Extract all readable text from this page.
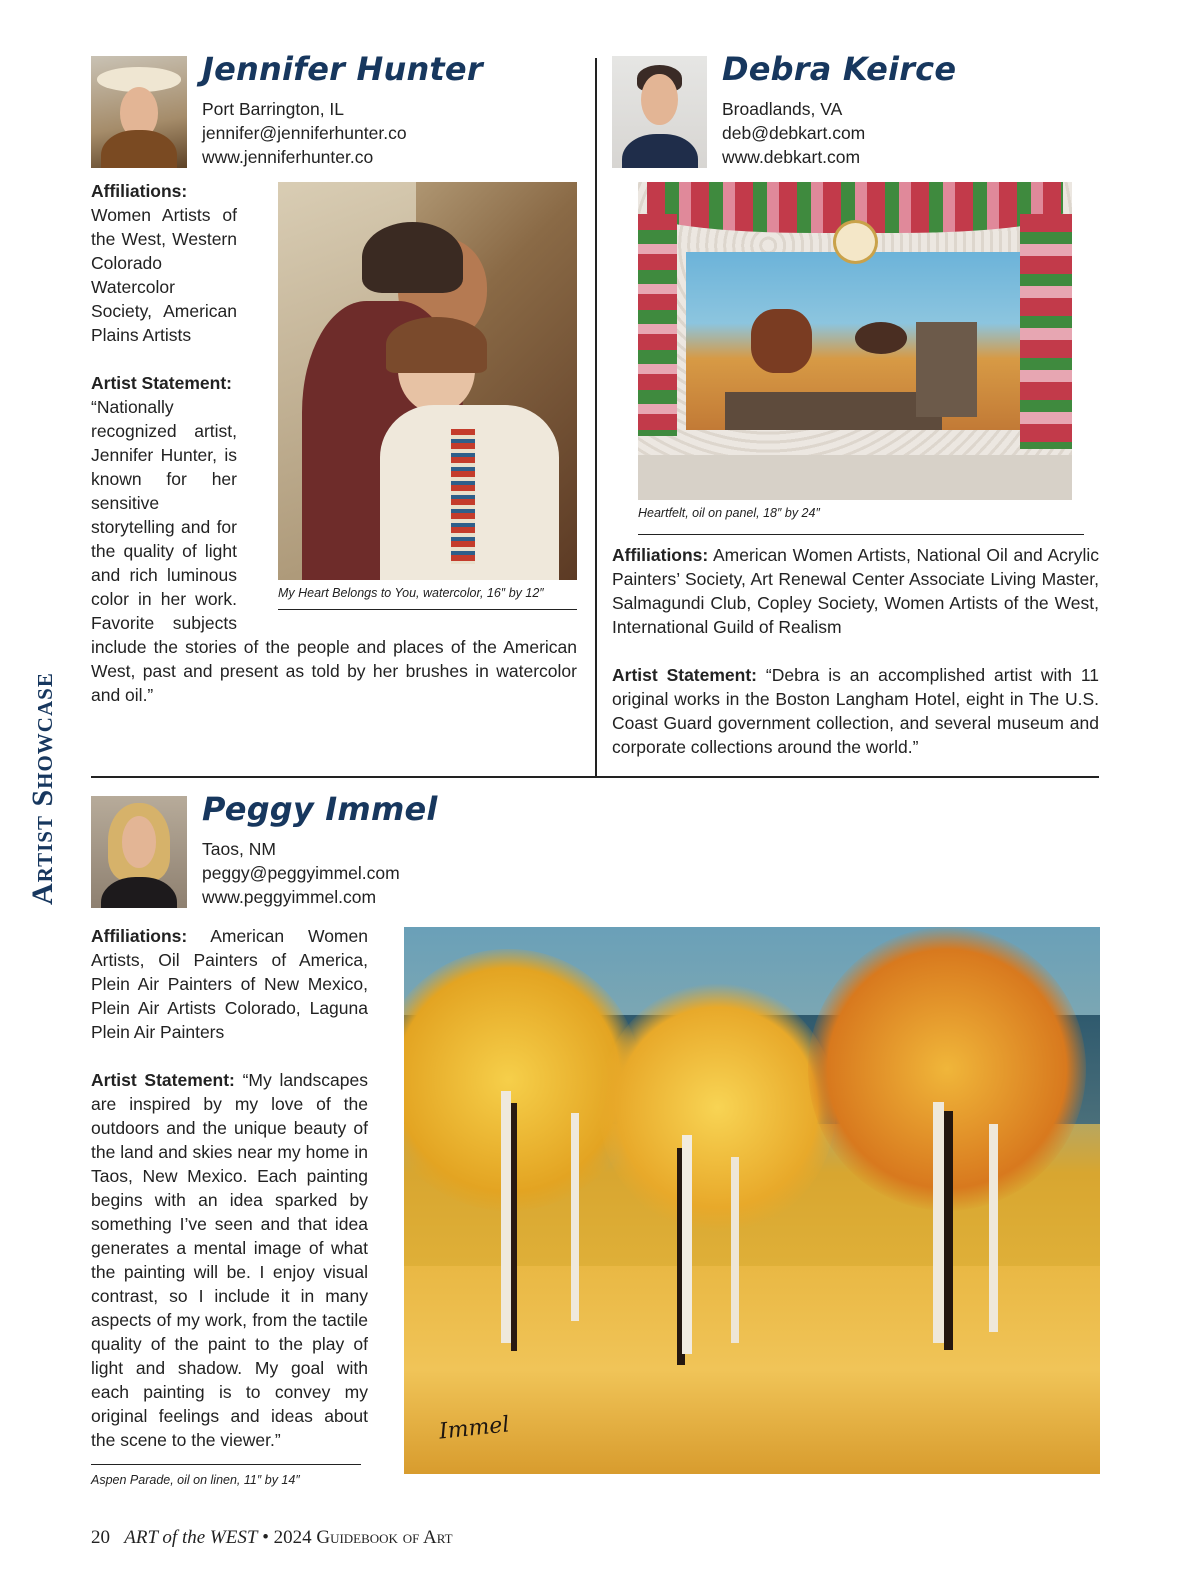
Artist Showcase
Jennifer Hunter
Port Barrington, IL
jennifer@jenniferhunter.co
www.jenniferhunter.co

Affiliations:
Women Artists of the West, Western Colorado Watercolor Society, American Plains Artists

Artist Statement:
“Nationally recognized artist, Jennifer Hunter, is known for her sensitive storytelling and for the quality of light and rich luminous color in her work. Favorite subjects include the stories of the people and places of the American West, past and present as told by her brushes in watercolor and oil.”

My Heart Belongs to You, watercolor, 16″ by 12″
Debra Keirce
Broadlands, VA
deb@debkart.com
www.debkart.com
Heartfelt, oil on panel, 18″ by 24″

Affiliations: American Women Artists, National Oil and Acrylic Painters’ Society, Art Renewal Center Associate Living Master, Salmagundi Club, Copley Society, Women Artists of the West, International Guild of Realism

Artist Statement: “Debra is an accomplished artist with 11 original works in the Boston Langham Hotel, eight in The U.S. Coast Guard government collection, and several museum and corporate collections around the world.”

Peggy Immel
Taos, NM
peggy@peggyimmel.com
www.peggyimmel.com

Affiliations: American Women Artists, Oil Painters of America, Plein Air Painters of New Mexico, Plein Air Artists Colorado, Laguna Plein Air Painters

Artist Statement: “My landscapes are inspired by my love of the outdoors and the unique beauty of the land and skies near my home in Taos, New Mexico. Each painting begins with an idea sparked by something I’ve seen and that idea generates a mental image of what the painting will be. I enjoy visual contrast, so I include it in many aspects of my work, from the tactile quality of the paint to the play of light and shadow. My goal with each painting is to convey my original feelings and ideas about the scene to the viewer.”

Aspen Parade, oil on linen, 11″ by 14″
Immel
20 ART of the WEST • 2024 Guidebook of Art
